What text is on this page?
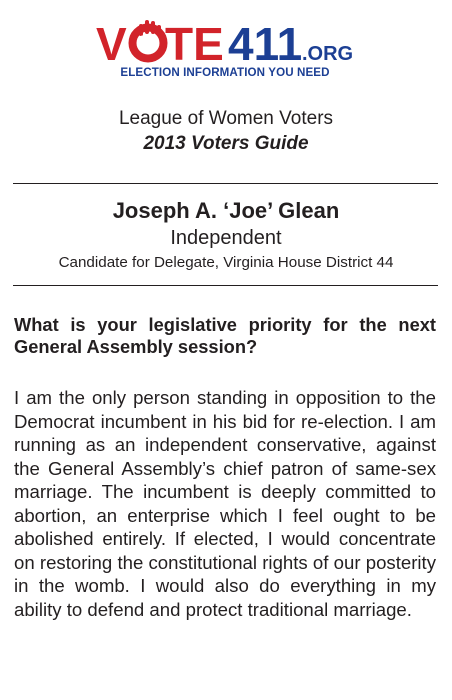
V TE 411 .ORG
ELECTION INFORMATION YOU NEED
League of Women Voters
2013 Voters Guide
Joseph A. ‘Joe’ Glean
Independent
Candidate for Delegate, Virginia House District 44
What is your legislative priority for the next General Assembly session?
I am the only person standing in opposition to the Democrat incumbent in his bid for re-election. I am running as an independent conservative, against the General Assembly’s chief patron of same-sex marriage. The incumbent is deeply committed to abortion, an enterprise which I feel ought to be abolished entirely. If elected, I would concentrate on restoring the constitutional rights of our posterity in the womb. I would also do everything in my ability to defend and protect traditional marriage.
